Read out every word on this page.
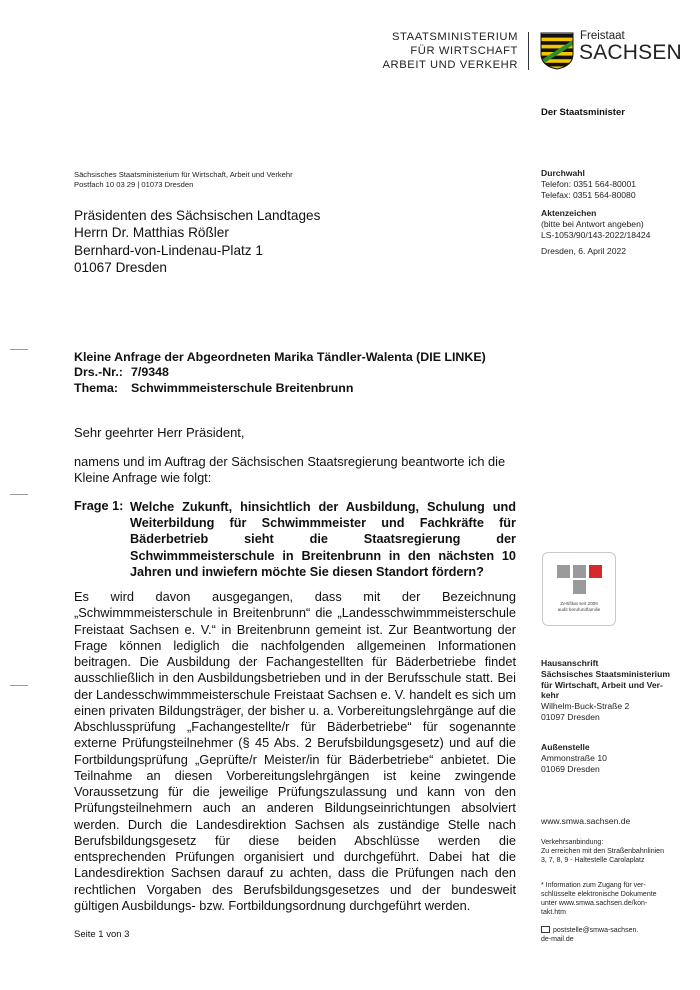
STAATSMINISTERIUM
FÜR WIRTSCHAFT
ARBEIT UND VERKEHR
Freistaat
SACHSEN
Der Staatsminister
Sächsisches Staatsministerium für Wirtschaft, Arbeit und Verkehr
Postfach 10 03 29 | 01073 Dresden
Präsidenten des Sächsischen Landtages
Herrn Dr. Matthias Rößler
Bernhard-von-Lindenau-Platz 1
01067 Dresden
Durchwahl
Telefon: 0351 564-80001
Telefax: 0351 564-80080
Aktenzeichen
(bitte bei Antwort angeben)
LS-1053/90/143-2022/18424
Dresden, 6. April 2022
Kleine Anfrage der Abgeordneten Marika Tändler-Walenta (DIE LINKE)
Drs.-Nr.: 7/9348
Thema: Schwimmmeisterschule Breitenbrunn
Sehr geehrter Herr Präsident,
namens und im Auftrag der Sächsischen Staatsregierung beantworte ich die Kleine Anfrage wie folgt:
Frage 1: Welche Zukunft, hinsichtlich der Ausbildung, Schulung und Weiterbildung für Schwimmmeister und Fachkräfte für Bäderbetrieb sieht die Staatsregierung der Schwimmmeisterschule in Breitenbrunn in den nächsten 10 Jahren und inwiefern möchte Sie diesen Standort fördern?
Es wird davon ausgegangen, dass mit der Bezeichnung „Schwimmmeisterschule in Breitenbrunn“ die „Landesschwimmmeisterschule Freistaat Sachsen e. V.“ in Breitenbrunn gemeint ist. Zur Beantwortung der Frage können lediglich die nachfolgenden allgemeinen Informationen beitragen. Die Ausbildung der Fachangestellten für Bäderbetriebe findet ausschließlich in den Ausbildungsbetrieben und in der Berufsschule statt. Bei der Landesschwimmmeisterschule Freistaat Sachsen e. V. handelt es sich um einen privaten Bildungsträger, der bisher u. a. Vorbereitungslehrgänge auf die Abschlussprüfung „Fachangestellte/r für Bäderbetriebe“ für sogenannte externe Prüfungsteilnehmer (§ 45 Abs. 2 Berufsbildungsgesetz) und auf die Fortbildungsprüfung „Geprüfte/r Meister/in für Bäderbetriebe“ anbietet. Die Teilnahme an diesen Vorbereitungslehrgängen ist keine zwingende Voraussetzung für die jeweilige Prüfungszulassung und kann von den Prüfungsteilnehmern auch an anderen Bildungseinrichtungen absolviert werden. Durch die Landesdirektion Sachsen als zuständige Stelle nach Berufsbildungsgesetz für diese beiden Abschlüsse werden die entsprechenden Prüfungen organisiert und durchgeführt. Dabei hat die Landesdirektion Sachsen darauf zu achten, dass die Prüfungen nach den rechtlichen Vorgaben des Berufsbildungsgesetzes und der bundesweit gültigen Ausbildungs- bzw. Fortbildungsordnung durchgeführt werden.
Seite 1 von 3
Zertifikat seit 2006
audit berufundfamilie
Hausanschrift
Sächsisches Staatsministerium
für Wirtschaft, Arbeit und Ver-
kehr
Wilhelm-Buck-Straße 2
01097 Dresden
Außenstelle
Ammonstraße 10
01069 Dresden
www.smwa.sachsen.de
Verkehrsanbindung:
Zu erreichen mit den Straßenbahnlinien
3, 7, 8, 9 - Haltestelle Carolaplatz
* Information zum Zugang für ver-
schlüsselte elektronische Dokumente
unter www.smwa.sachsen.de/kon-
takt.htm
poststelle@smwa-sachsen.
de-mail.de
